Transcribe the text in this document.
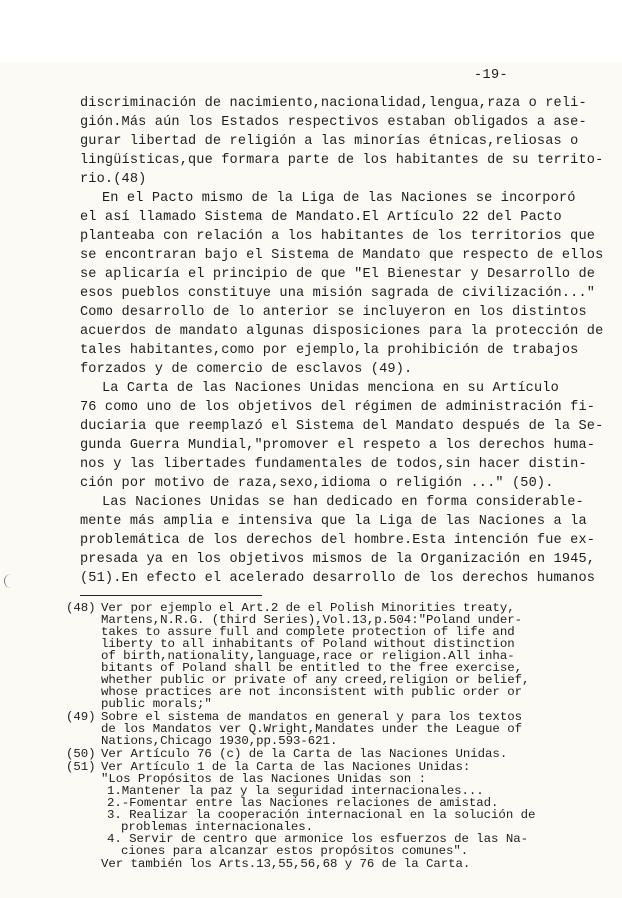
-19-
discriminación de nacimiento,nacionalidad,lengua,raza o reli-
gión.Más aún los Estados respectivos estaban obligados a ase-
gurar libertad de religión a las minorías étnicas,reliosas o
lingüísticas,que formara parte de los habitantes de su territo-
rio.(48)
En el Pacto mismo de la Liga de las Naciones se incorporó
el así llamado Sistema de Mandato.El Artículo 22 del Pacto
planteaba con relación a los habitantes de los territorios que
se encontraran bajo el Sistema de Mandato que respecto de ellos
se aplicaría el principio de que "El Bienestar y Desarrollo de
esos pueblos constituye una misión sagrada de civilización..."
Como desarrollo de lo anterior se incluyeron en los distintos
acuerdos de mandato algunas disposiciones para la protección de
tales habitantes,como por ejemplo,la prohibición de trabajos
forzados y de comercio de esclavos (49).
La Carta de las Naciones Unidas menciona en su Artículo
76 como uno de los objetivos del régimen de administración fi-
duciaria que reemplazó el Sistema del Mandato después de la Se-
gunda Guerra Mundial,"promover el respeto a los derechos huma-
nos y las libertades fundamentales de todos,sin hacer distin-
ción por motivo de raza,sexo,idioma o religión ..." (50).
Las Naciones Unidas se han dedicado en forma considerable-
mente más amplia e intensiva que la Liga de las Naciones a la
problemática de los derechos del hombre.Esta intención fue ex-
presada ya en los objetivos mismos de la Organización en 1945,
(51).En efecto el acelerado desarrollo de los derechos humanos
(48) Ver por ejemplo el Art.2 de el Polish Minorities treaty,
Martens,N.R.G. (third Series),Vol.13,p.504:"Poland under-
takes to assure full and complete protection of life and
liberty to all inhabitants of Poland without distinction
of birth,nationality,language,race or religion.All inha-
bitants of Poland shall be entitled to the free exercise,
whether public or private of any creed,religion or belief,
whose practices are not inconsistent with public order or
public morals;"
(49) Sobre el sistema de mandatos en general y para los textos
de los Mandatos ver Q.Wright,Mandates under the League of
Nations,Chicago 1930,pp.593-621.
(50) Ver Artículo 76 (c) de la Carta de las Naciones Unidas.
(51) Ver Artículo 1 de la Carta de las Naciones Unidas:
"Los Propósitos de las Naciones Unidas son :
1.Mantener la paz y la seguridad internacionales...
2.-Fomentar entre las Naciones relaciones de amistad.
3. Realizar la cooperación internacional en la solución de
problemas internacionales.
4. Servir de centro que armonice los esfuerzos de las Na-
ciones para alcanzar estos propósitos comunes".
Ver también los Arts.13,55,56,68 y 76 de la Carta.
